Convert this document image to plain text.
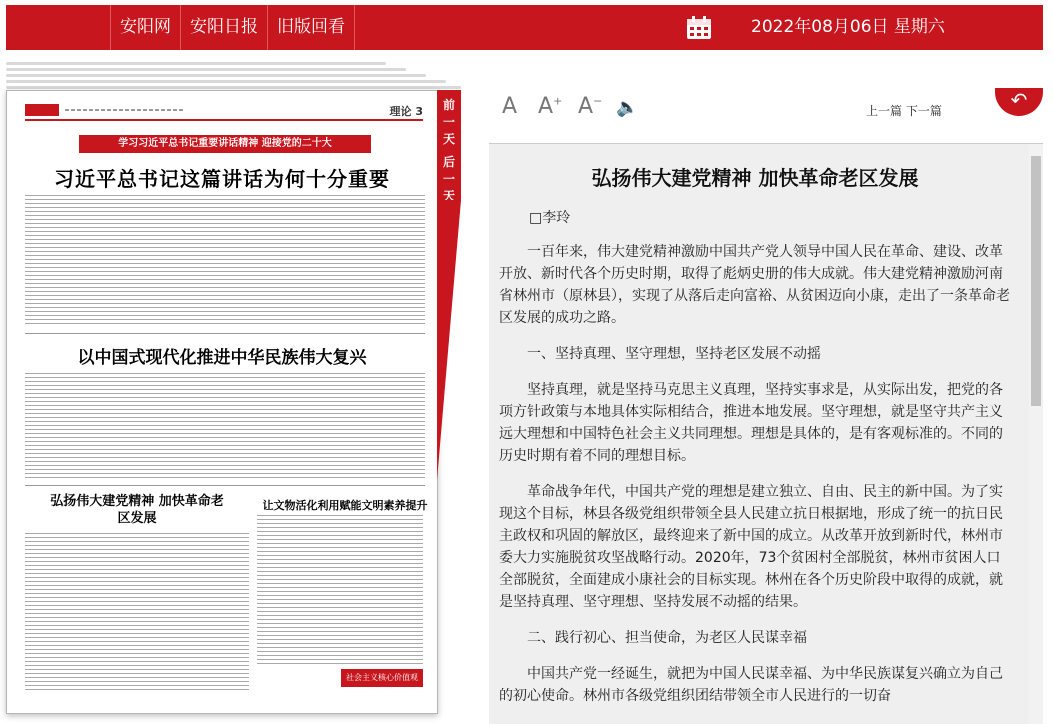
安阳网	安阳日报	旧版回看	2022年08月06日 星期六
理论 3
学习习近平总书记重要讲话精神 迎接党的二十大
习近平总书记这篇讲话为何十分重要
以中国式现代化推进中华民族伟大复兴
弘扬伟大建党精神 加快革命老区发展
让文物活化利用赋能文明素养提升
社会主义核心价值观
前
一
天
后
一
天
A A+ A− 🔈	上一篇 下一篇	↶
弘扬伟大建党精神 加快革命老区发展
□李玲

一百年来，伟大建党精神激励中国共产党人领导中国人民在革命、建设、改革开放、新时代各个历史时期，取得了彪炳史册的伟大成就。伟大建党精神激励河南省林州市（原林县），实现了从落后走向富裕、从贫困迈向小康，走出了一条革命老区发展的成功之路。

一、坚持真理、坚守理想，坚持老区发展不动摇

坚持真理，就是坚持马克思主义真理，坚持实事求是，从实际出发，把党的各项方针政策与本地具体实际相结合，推进本地发展。坚守理想，就是坚守共产主义远大理想和中国特色社会主义共同理想。理想是具体的，是有客观标准的。不同的历史时期有着不同的理想目标。

革命战争年代，中国共产党的理想是建立独立、自由、民主的新中国。为了实现这个目标，林县各级党组织带领全县人民建立抗日根据地，形成了统一的抗日民主政权和巩固的解放区，最终迎来了新中国的成立。从改革开放到新时代，林州市委大力实施脱贫攻坚战略行动。2020年，73个贫困村全部脱贫，林州市贫困人口全部脱贫，全面建成小康社会的目标实现。林州在各个历史阶段中取得的成就，就是坚持真理、坚守理想、坚持发展不动摇的结果。

二、践行初心、担当使命，为老区人民谋幸福

中国共产党一经诞生，就把为中国人民谋幸福、为中华民族谋复兴确立为自己的初心使命。林州市各级党组织团结带领全市人民进行的一切奋
